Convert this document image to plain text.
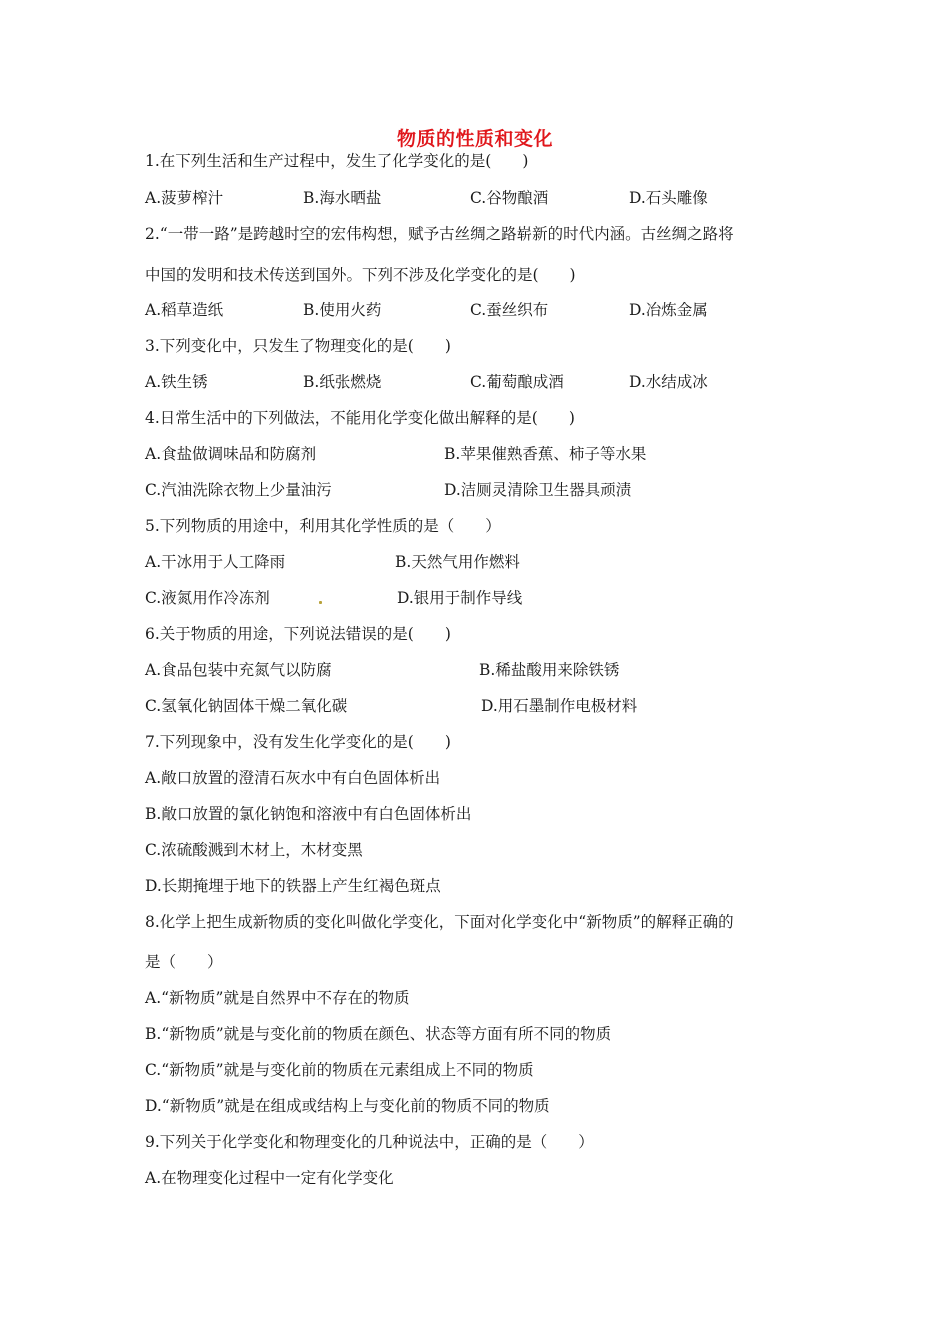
物质的性质和变化
1.在下列生活和生产过程中，发生了化学变化的是(　　)
A.菠萝榨汁	B.海水晒盐	C.谷物酿酒	D.石头雕像
2.“一带一路”是跨越时空的宏伟构想，赋予古丝绸之路崭新的时代内涵。古丝绸之路将
中国的发明和技术传送到国外。下列不涉及化学变化的是(　　)
A.稻草造纸	B.使用火药	C.蚕丝织布	D.冶炼金属
3.下列变化中，只发生了物理变化的是(　　)
A.铁生锈	B.纸张燃烧	C.葡萄酿成酒	D.水结成冰
4.日常生活中的下列做法，不能用化学变化做出解释的是(　　)
A.食盐做调味品和防腐剂	B.苹果催熟香蕉、柿子等水果
C.汽油洗除衣物上少量油污	D.洁厕灵清除卫生器具顽渍
5.下列物质的用途中，利用其化学性质的是（　　）
A.干冰用于人工降雨	B.天然气用作燃料
C.液氮用作冷冻剂	D.银用于制作导线
6.关于物质的用途，下列说法错误的是(　　)
A.食品包装中充氮气以防腐	B.稀盐酸用来除铁锈
C.氢氧化钠固体干燥二氧化碳	D.用石墨制作电极材料
7.下列现象中，没有发生化学变化的是(　　)
A.敞口放置的澄清石灰水中有白色固体析出
B.敞口放置的氯化钠饱和溶液中有白色固体析出
C.浓硫酸溅到木材上，木材变黑
D.长期掩埋于地下的铁器上产生红褐色斑点
8.化学上把生成新物质的变化叫做化学变化，下面对化学变化中“新物质”的解释正确的
是（　　）
A.“新物质”就是自然界中不存在的物质
B.“新物质”就是与变化前的物质在颜色、状态等方面有所不同的物质
C.“新物质”就是与变化前的物质在元素组成上不同的物质
D.“新物质”就是在组成或结构上与变化前的物质不同的物质
9.下列关于化学变化和物理变化的几种说法中，正确的是（　　）
A.在物理变化过程中一定有化学变化
